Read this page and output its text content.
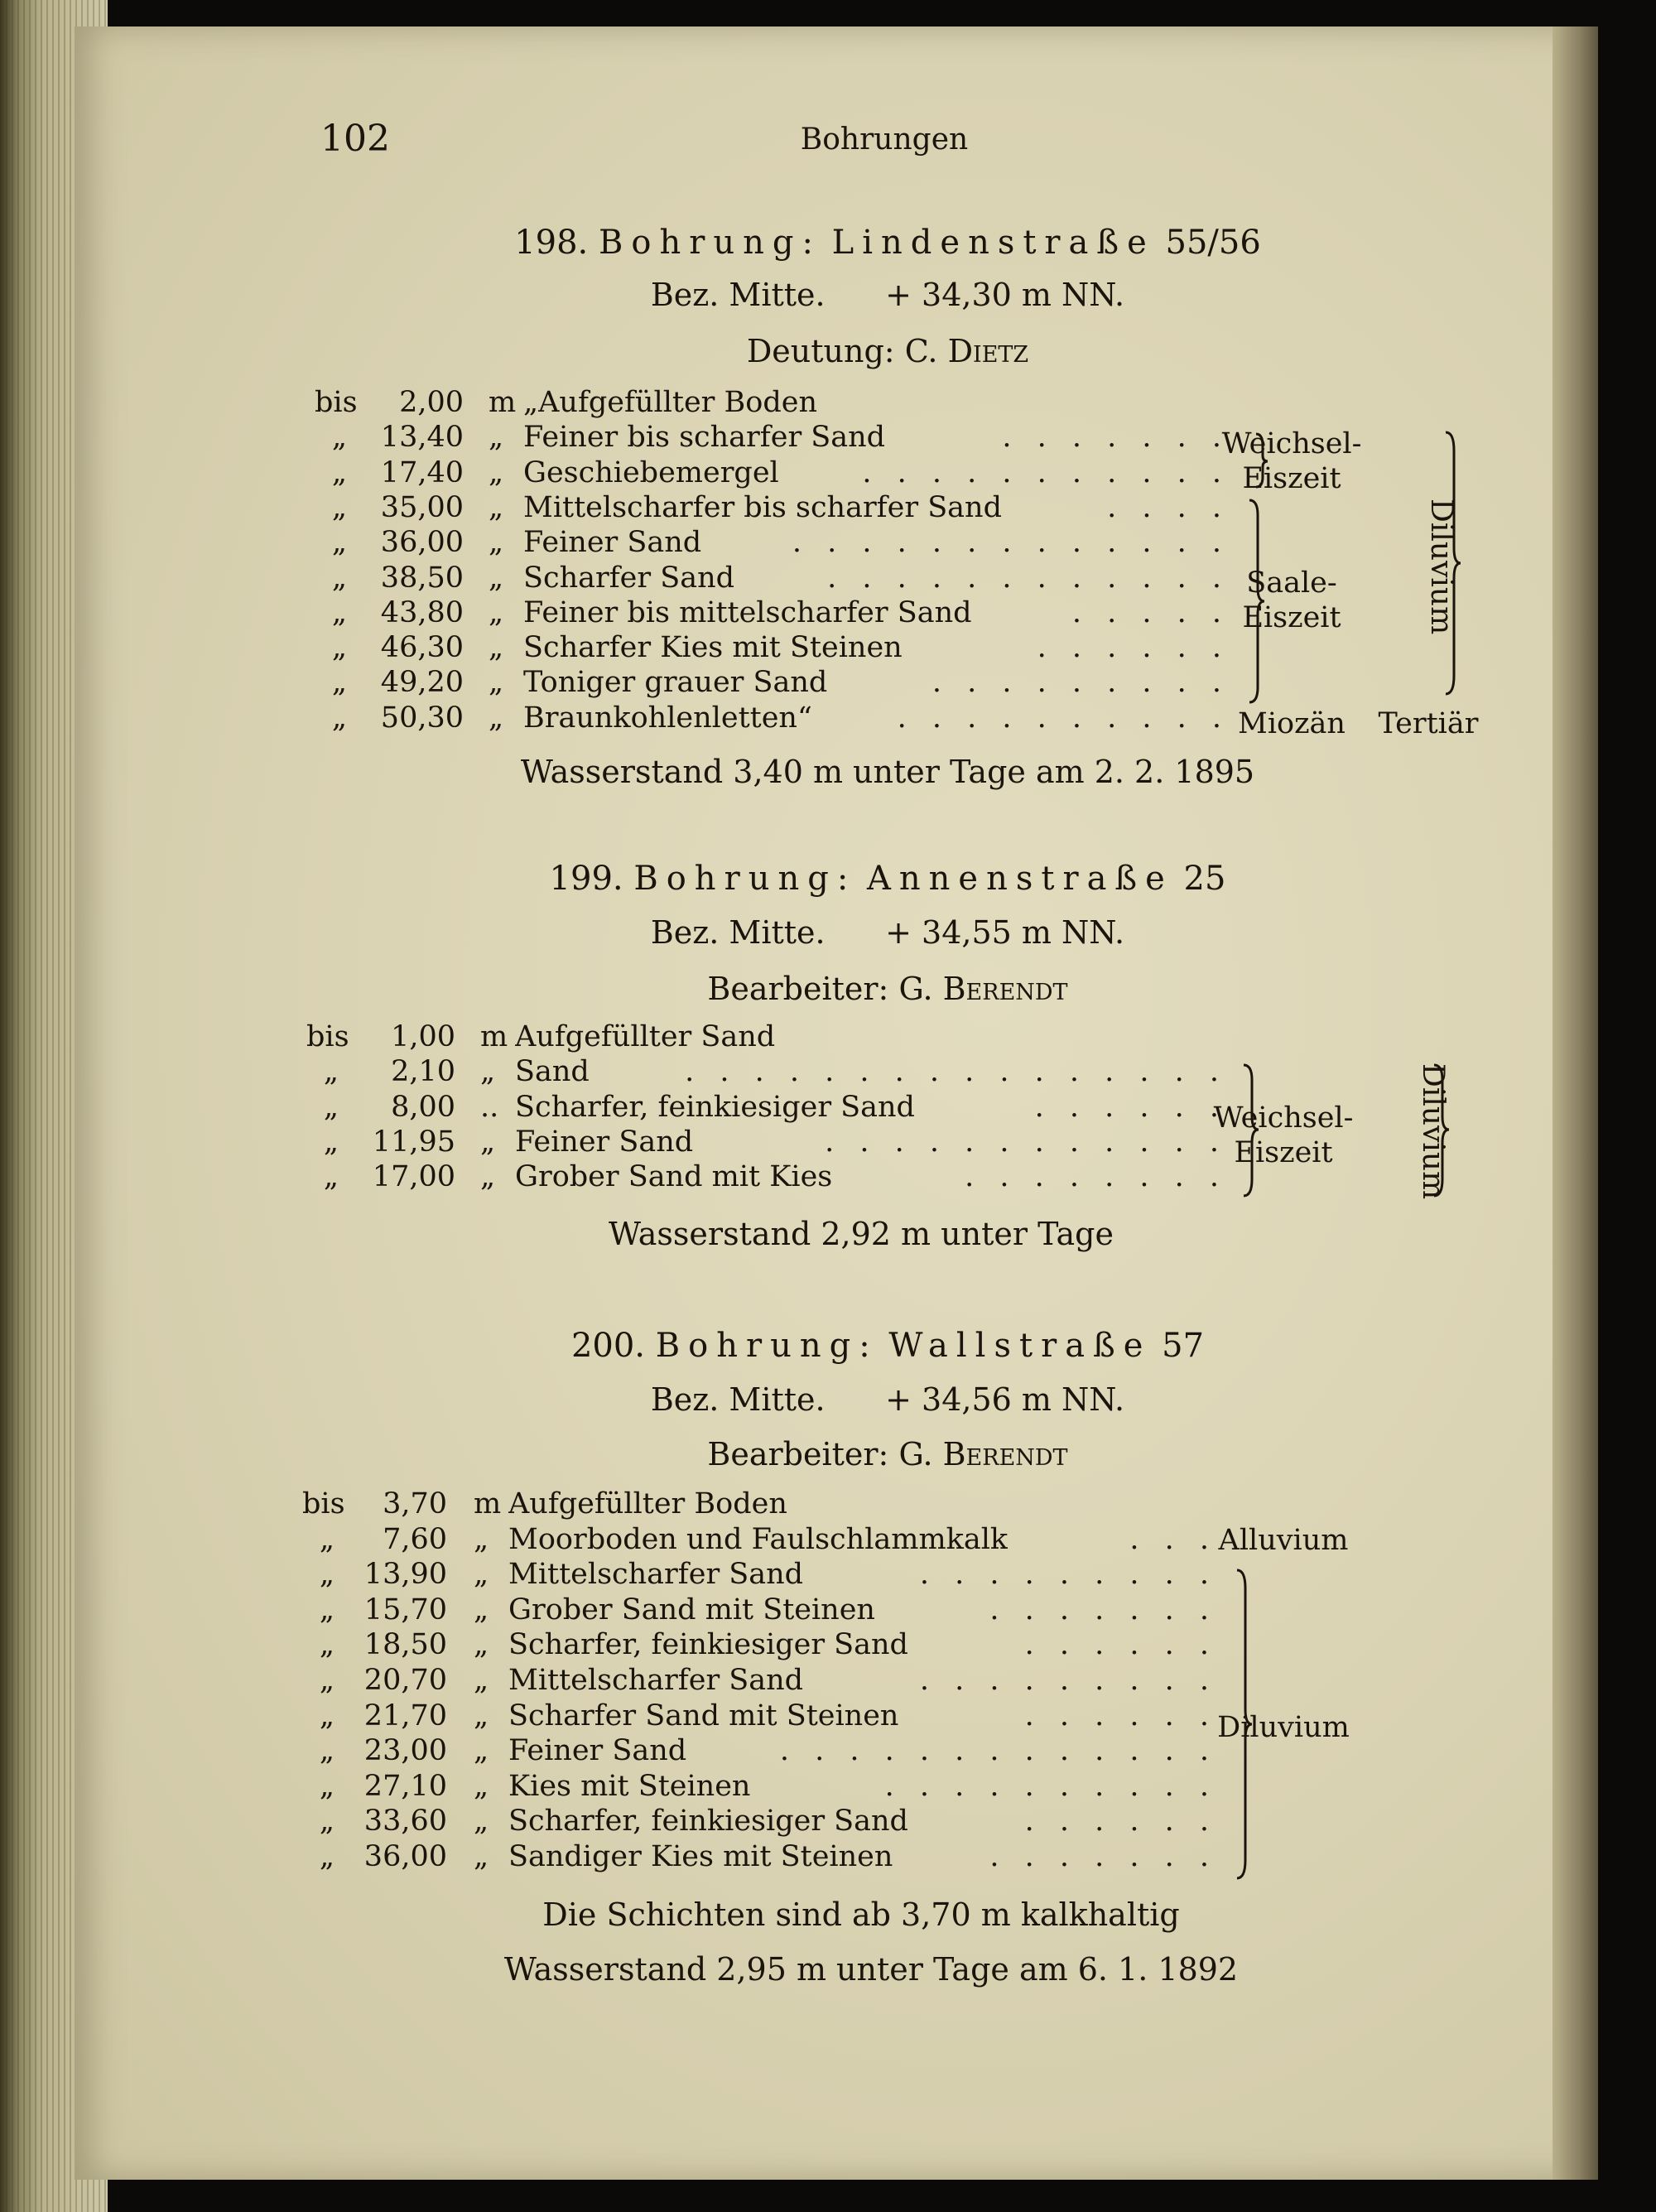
102	Bohrungen
198. Bohrung: Lindenstraße 55/56
Bez. Mitte. + 34,30 m NN.
Deutung: C. Dietz
bis	2,00 m „Aufgefüllter Boden
„	13,40 „ Feiner bis scharfer Sand	. . . . . . .
„	17,40 „ Geschiebemergel	. . . . . . . . . . .
„	35,00 „ Mittelscharfer bis scharfer Sand	. . . .
„	36,00 „ Feiner Sand	. . . . . . . . . . . . .
„	38,50 „ Scharfer Sand	. . . . . . . . . . . .
„	43,80 „ Feiner bis mittelscharfer Sand	. . . . .
„	46,30 „ Scharfer Kies mit Steinen	. . . . . .
„	49,20 „ Toniger grauer Sand	. . . . . . . . .
„	50,30 „ Braunkohlenletten“	. . . . . . . . . .
Weichsel-
Eiszeit
Saale-
Eiszeit
Miozän	Tertiär
Diluvium
Wasserstand 3,40 m unter Tage am 2. 2. 1895
199. Bohrung: Annenstraße 25
Bez. Mitte. + 34,55 m NN.
Bearbeiter: G. Berendt
bis	1,00 m Aufgefüllter Sand
„	2,10 „ Sand	. . . . . . . . . . . . . . . .
„	8,00 .. Scharfer, feinkiesiger Sand	. . . . . .
„	11,95 „ Feiner Sand	. . . . . . . . . . . .
„	17,00 „ Grober Sand mit Kies	. . . . . . . .
Weichsel-
Eiszeit	Diluvium
Wasserstand 2,92 m unter Tage
200. Bohrung: Wallstraße 57
Bez. Mitte. + 34,56 m NN.
Bearbeiter: G. Berendt
bis	3,70 m Aufgefüllter Boden
„	7,60 „ Moorboden und Faulschlammkalk	. . .
„	13,90 „ Mittelscharfer Sand	. . . . . . . . .
„	15,70 „ Grober Sand mit Steinen	. . . . . . .
„	18,50 „ Scharfer, feinkiesiger Sand	. . . . . .
„	20,70 „ Mittelscharfer Sand	. . . . . . . . .
„	21,70 „ Scharfer Sand mit Steinen	. . . . . .
„	23,00 „ Feiner Sand	. . . . . . . . . . . . .
„	27,10 „ Kies mit Steinen	. . . . . . . . . .
„	33,60 „ Scharfer, feinkiesiger Sand	. . . . . .
„	36,00 „ Sandiger Kies mit Steinen	. . . . . . .
Alluvium
Diluvium
Die Schichten sind ab 3,70 m kalkhaltig
Wasserstand 2,95 m unter Tage am 6. 1. 1892
